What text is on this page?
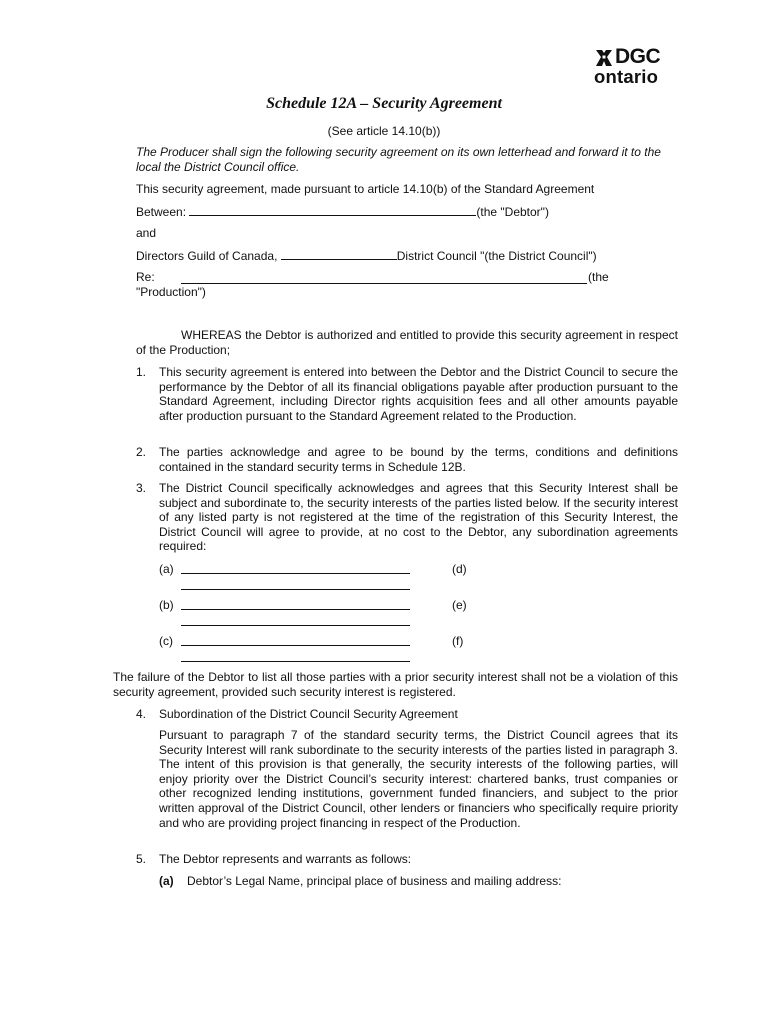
DGC
ontario
Schedule 12A – Security Agreement
(See article 14.10(b))
The Producer shall sign the following security agreement on its own letterhead and forward it to the local the District Council office.
This security agreement, made pursuant to article 14.10(b) of the Standard Agreement
Between:	(the "Debtor")
and
Directors Guild of Canada,	District Council "(the District Council")
Re:	(the
"Production")
WHEREAS the Debtor is authorized and entitled to provide this security agreement in respect of the Production;
1. This security agreement is entered into between the Debtor and the District Council to secure the performance by the Debtor of all its financial obligations payable after production pursuant to the Standard Agreement, including Director rights acquisition fees and all other amounts payable after production pursuant to the Standard Agreement related to the Production.
2. The parties acknowledge and agree to be bound by the terms, conditions and definitions contained in the standard security terms in Schedule 12B.
3. The District Council specifically acknowledges and agrees that this Security Interest shall be subject and subordinate to, the security interests of the parties listed below. If the security interest of any listed party is not registered at the time of the registration of this Security Interest, the District Council will agree to provide, at no cost to the Debtor, any subordination agreements required:
(a)	(d)
(b)	(e)
(c)	(f)
The failure of the Debtor to list all those parties with a prior security interest shall not be a violation of this security agreement, provided such security interest is registered.
4. Subordination of the District Council Security Agreement
Pursuant to paragraph 7 of the standard security terms, the District Council agrees that its Security Interest will rank subordinate to the security interests of the parties listed in paragraph 3. The intent of this provision is that generally, the security interests of the following parties, will enjoy priority over the District Council’s security interest: chartered banks, trust companies or other recognized lending institutions, government funded financiers, and subject to the prior written approval of the District Council, other lenders or financiers who specifically require priority and who are providing project financing in respect of the Production.
5. The Debtor represents and warrants as follows:
(a) Debtor’s Legal Name, principal place of business and mailing address:
